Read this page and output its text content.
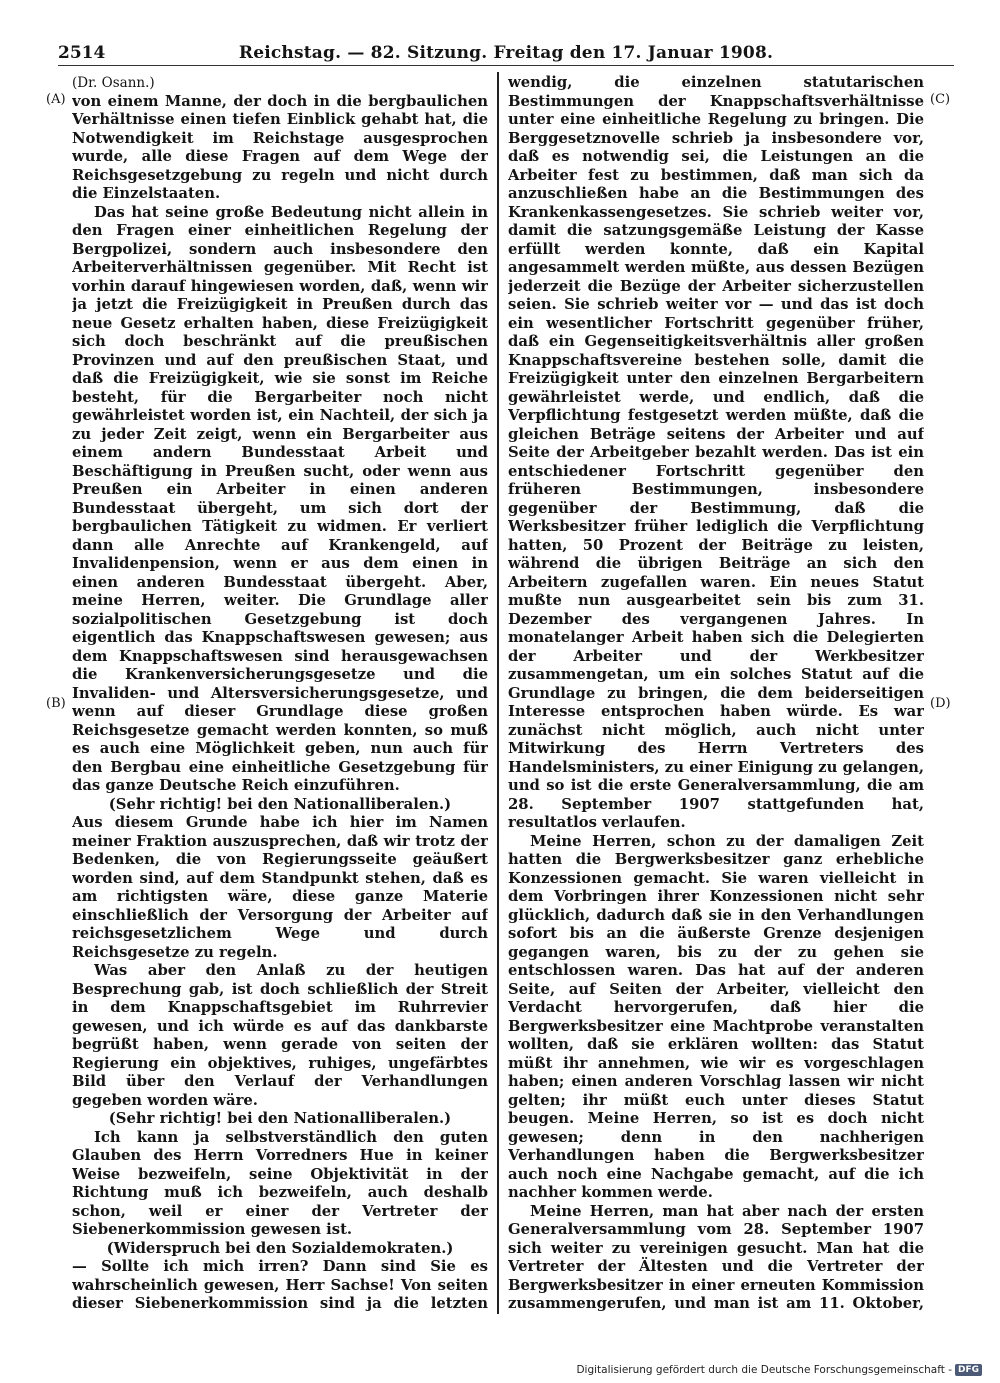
2514	Reichstag. — 82. Sitzung. Freitag den 17. Januar 1908.
(A)
(B)
(C)
(D)

(Dr. Osann.)

von einem Manne, der doch in die bergbaulichen Verhältnisse einen tiefen Einblick gehabt hat, die Notwendigkeit im Reichstage ausgesprochen wurde, alle diese Fragen auf dem Wege der Reichsgesetzgebung zu regeln und nicht durch die Einzelstaaten.

Das hat seine große Bedeutung nicht allein in den Fragen einer einheitlichen Regelung der Bergpolizei, sondern auch insbesondere den Arbeiterverhältnissen gegenüber. Mit Recht ist vorhin darauf hingewiesen worden, daß, wenn wir ja jetzt die Freizügigkeit in Preußen durch das neue Gesetz erhalten haben, diese Freizügigkeit sich doch beschränkt auf die preußischen Provinzen und auf den preußischen Staat, und daß die Freizügigkeit, wie sie sonst im Reiche besteht, für die Bergarbeiter noch nicht gewährleistet worden ist, ein Nachteil, der sich ja zu jeder Zeit zeigt, wenn ein Bergarbeiter aus einem andern Bundesstaat Arbeit und Beschäftigung in Preußen sucht, oder wenn aus Preußen ein Arbeiter in einen anderen Bundesstaat übergeht, um sich dort der bergbaulichen Tätigkeit zu widmen. Er verliert dann alle Anrechte auf Krankengeld, auf Invalidenpension, wenn er aus dem einen in einen anderen Bundesstaat übergeht. Aber, meine Herren, weiter. Die Grundlage aller sozialpolitischen Gesetzgebung ist doch eigentlich das Knappschaftswesen gewesen; aus dem Knappschaftswesen sind herausgewachsen die Krankenversicherungsgesetze und die Invaliden- und Altersversicherungsgesetze, und wenn auf dieser Grundlage diese großen Reichsgesetze gemacht werden konnten, so muß es auch eine Möglichkeit geben, nun auch für den Bergbau eine einheitliche Gesetzgebung für das ganze Deutsche Reich einzuführen.

(Sehr richtig! bei den Nationalliberalen.)

Aus diesem Grunde habe ich hier im Namen meiner Fraktion auszusprechen, daß wir trotz der Bedenken, die von Regierungsseite geäußert worden sind, auf dem Standpunkt stehen, daß es am richtigsten wäre, diese ganze Materie einschließlich der Versorgung der Arbeiter auf reichsgesetzlichem Wege und durch Reichsgesetze zu regeln.

Was aber den Anlaß zu der heutigen Besprechung gab, ist doch schließlich der Streit in dem Knappschaftsgebiet im Ruhrrevier gewesen, und ich würde es auf das dankbarste begrüßt haben, wenn gerade von seiten der Regierung ein objektives, ruhiges, ungefärbtes Bild über den Verlauf der Verhandlungen gegeben worden wäre.

(Sehr richtig! bei den Nationalliberalen.)

Ich kann ja selbstverständlich den guten Glauben des Herrn Vorredners Hue in keiner Weise bezweifeln, seine Objektivität in der Richtung muß ich bezweifeln, auch deshalb schon, weil er einer der Vertreter der Siebenerkommission gewesen ist.

(Widerspruch bei den Sozialdemokraten.)

— Sollte ich mich irren? Dann sind Sie es wahrscheinlich gewesen, Herr Sachse! Von seiten dieser Siebenerkommission sind ja die letzten

wendig, die einzelnen statutarischen Bestimmungen der Knappschaftsverhältnisse unter eine einheitliche Regelung zu bringen. Die Berggesetznovelle schrieb ja insbesondere vor, daß es notwendig sei, die Leistungen an die Arbeiter fest zu bestimmen, daß man sich da anzuschließen habe an die Bestimmungen des Krankenkassengesetzes. Sie schrieb weiter vor, damit die satzungsgemäße Leistung der Kasse erfüllt werden konnte, daß ein Kapital angesammelt werden müßte, aus dessen Bezügen jederzeit die Bezüge der Arbeiter sicherzustellen seien. Sie schrieb weiter vor — und das ist doch ein wesentlicher Fortschritt gegenüber früher, daß ein Gegenseitigkeitsverhältnis aller großen Knappschaftsvereine bestehen solle, damit die Freizügigkeit unter den einzelnen Bergarbeitern gewährleistet werde, und endlich, daß die Verpflichtung festgesetzt werden müßte, daß die gleichen Beträge seitens der Arbeiter und auf Seite der Arbeitgeber bezahlt werden. Das ist ein entschiedener Fortschritt gegenüber den früheren Bestimmungen, insbesondere gegenüber der Bestimmung, daß die Werksbesitzer früher lediglich die Verpflichtung hatten, 50 Prozent der Beiträge zu leisten, während die übrigen Beiträge an sich den Arbeitern zugefallen waren. Ein neues Statut mußte nun ausgearbeitet sein bis zum 31. Dezember des vergangenen Jahres. In monatelanger Arbeit haben sich die Delegierten der Arbeiter und der Werkbesitzer zusammengetan, um ein solches Statut auf die Grundlage zu bringen, die dem beiderseitigen Interesse entsprochen haben würde. Es war zunächst nicht möglich, auch nicht unter Mitwirkung des Herrn Vertreters des Handelsministers, zu einer Einigung zu gelangen, und so ist die erste Generalversammlung, die am 28. September 1907 stattgefunden hat, resultatlos verlaufen.

Meine Herren, schon zu der damaligen Zeit hatten die Bergwerksbesitzer ganz erhebliche Konzessionen gemacht. Sie waren vielleicht in dem Vorbringen ihrer Konzessionen nicht sehr glücklich, dadurch daß sie in den Verhandlungen sofort bis an die äußerste Grenze desjenigen gegangen waren, bis zu der zu gehen sie entschlossen waren. Das hat auf der anderen Seite, auf Seiten der Arbeiter, vielleicht den Verdacht hervorgerufen, daß hier die Bergwerksbesitzer eine Machtprobe veranstalten wollten, daß sie erklären wollten: das Statut müßt ihr annehmen, wie wir es vorgeschlagen haben; einen anderen Vorschlag lassen wir nicht gelten; ihr müßt euch unter dieses Statut beugen. Meine Herren, so ist es doch nicht gewesen; denn in den nachherigen Verhandlungen haben die Bergwerksbesitzer auch noch eine Nachgabe gemacht, auf die ich nachher kommen werde.

Meine Herren, man hat aber nach der ersten Generalversammlung vom 28. September 1907 sich weiter zu vereinigen gesucht. Man hat die Vertreter der Ältesten und die Vertreter der Bergwerksbesitzer in einer erneuten Kommission zusammengerufen, und man ist am 11. Oktober,

Digitalisierung gefördert durch die Deutsche Forschungsgemeinschaft - DFG
